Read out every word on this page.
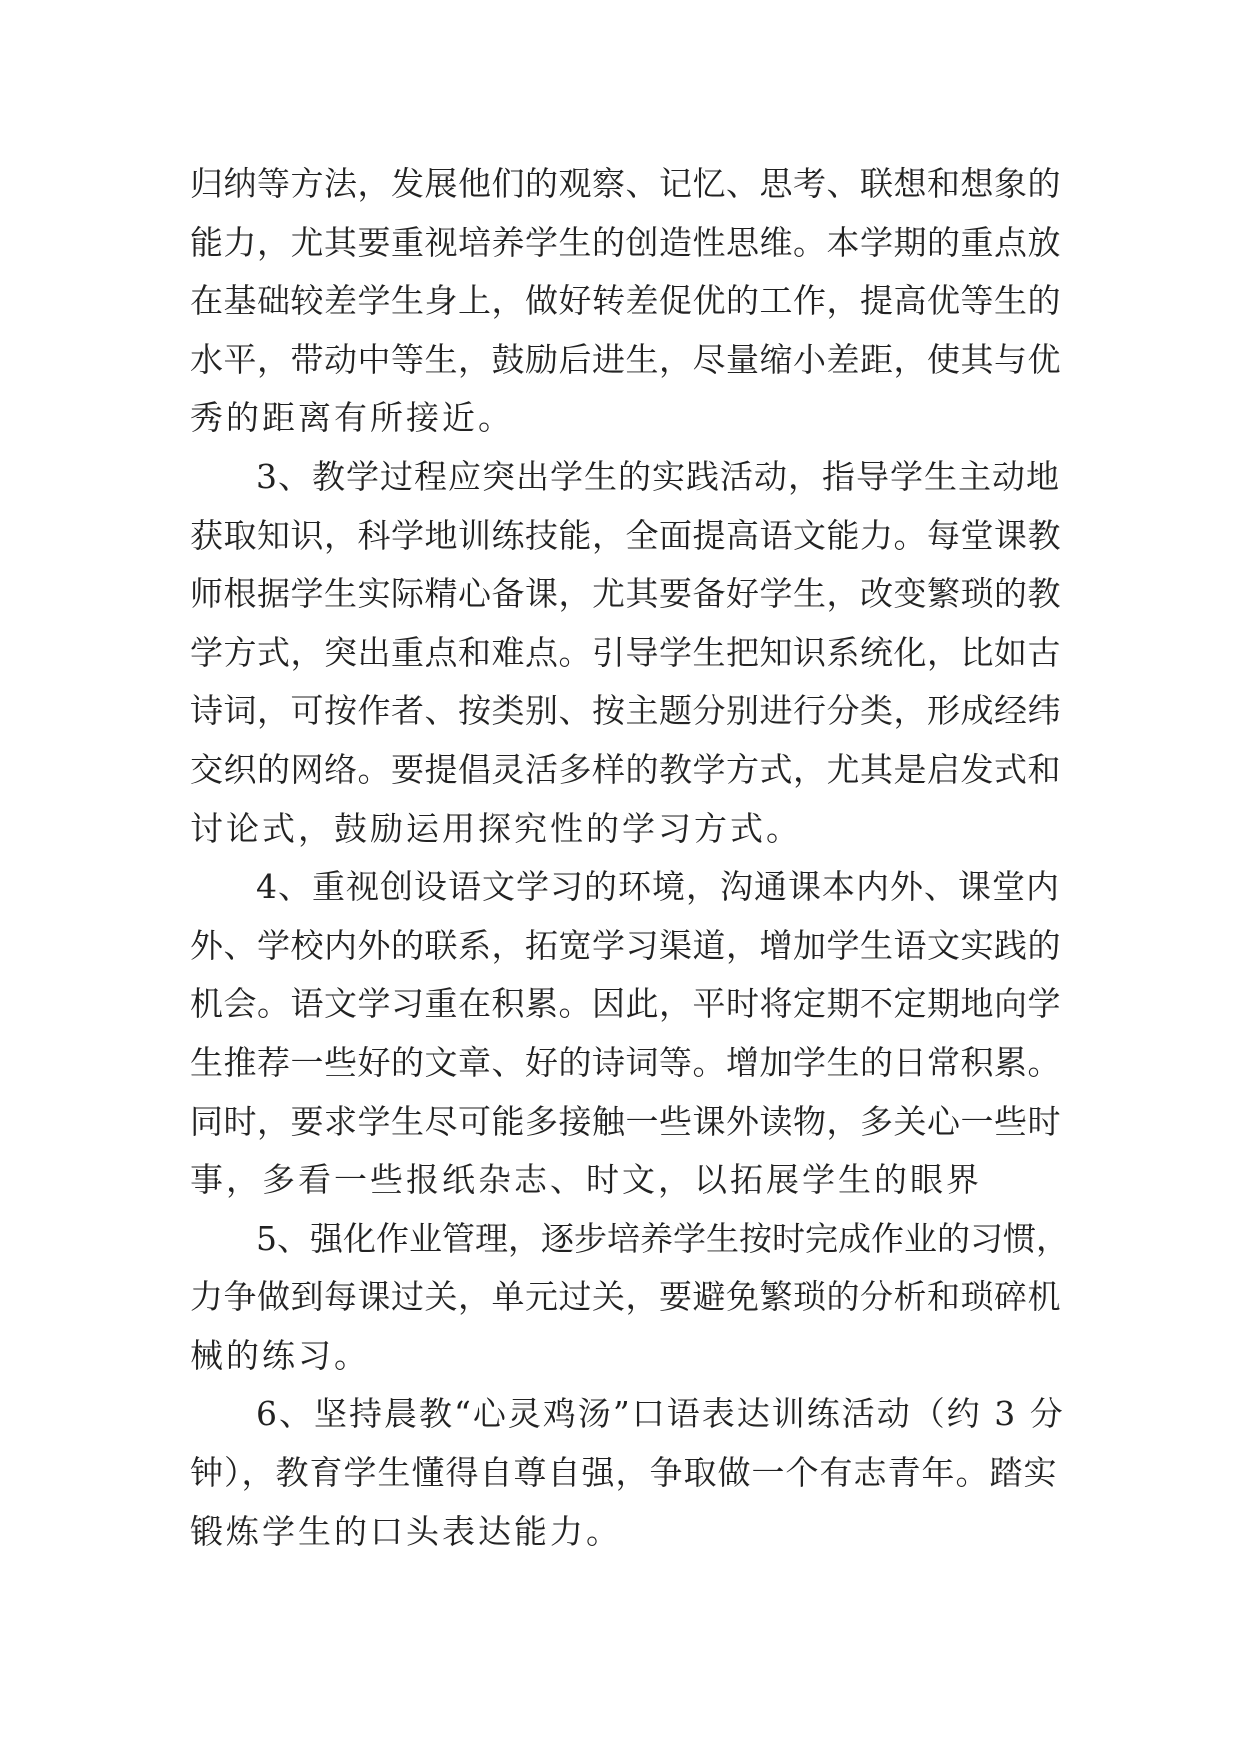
归纳等方法，发展他们的观察、记忆、思考、联想和想象的
能力，尤其要重视培养学生的创造性思维。本学期的重点放
在基础较差学生身上，做好转差促优的工作，提高优等生的
水平，带动中等生，鼓励后进生，尽量缩小差距，使其与优
秀的距离有所接近。
3、教学过程应突出学生的实践活动，指导学生主动地
获取知识，科学地训练技能，全面提高语文能力。每堂课教
师根据学生实际精心备课，尤其要备好学生，改变繁琐的教
学方式，突出重点和难点。引导学生把知识系统化，比如古
诗词，可按作者、按类别、按主题分别进行分类，形成经纬
交织的网络。要提倡灵活多样的教学方式，尤其是启发式和
讨论式，鼓励运用探究性的学习方式。
4、重视创设语文学习的环境，沟通课本内外、课堂内
外、学校内外的联系，拓宽学习渠道，增加学生语文实践的
机会。语文学习重在积累。因此，平时将定期不定期地向学
生推荐一些好的文章、好的诗词等。增加学生的日常积累。
同时，要求学生尽可能多接触一些课外读物，多关心一些时
事，多看一些报纸杂志、时文，以拓展学生的眼界
5、强化作业管理，逐步培养学生按时完成作业的习惯，
力争做到每课过关，单元过关，要避免繁琐的分析和琐碎机
械的练习。
6、坚持晨教“心灵鸡汤”口语表达训练活动（约 3 分
钟），教育学生懂得自尊自强，争取做一个有志青年。踏实
锻炼学生的口头表达能力。
